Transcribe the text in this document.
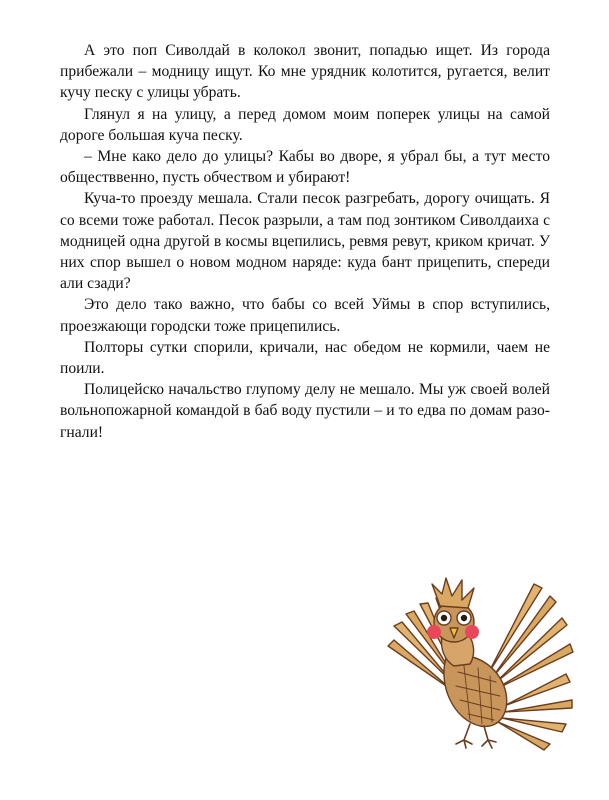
А это поп Сиволдай в колокол звонит, попадью ищет. Из города прибежали – модницу ищут. Ко мне урядник колотится, ругается, велит кучу песку с улицы убрать.

Глянул я на улицу, а перед домом моим поперек улицы на самой дороге большая куча песку.

– Мне како дело до улицы? Кабы во дворе, я убрал бы, а тут место обществвенно, пусть обчеством и убирают!

Куча-то проезду мешала. Стали песок разгребать, дорогу очищать. Я со всеми тоже работал. Песок разрыли, а там под зонтиком Сиволдаиха с модницей одна другой в космы вцепились, ревмя ревут, криком кричат. У них спор вышел о новом модном наряде: куда бант прицепить, спереди али сзади?

Это дело тако важно, что бабы со всей Уймы в спор вступились, проезжающи городски тоже прицепились.

Полторы сутки спорили, кричали, нас обедом не кормили, чаем не поили.

Полицейско начальство глупому делу не мешало. Мы уж своей волей вольнопожарной командой в баб воду пустили – и то едва по домам разогнали!
